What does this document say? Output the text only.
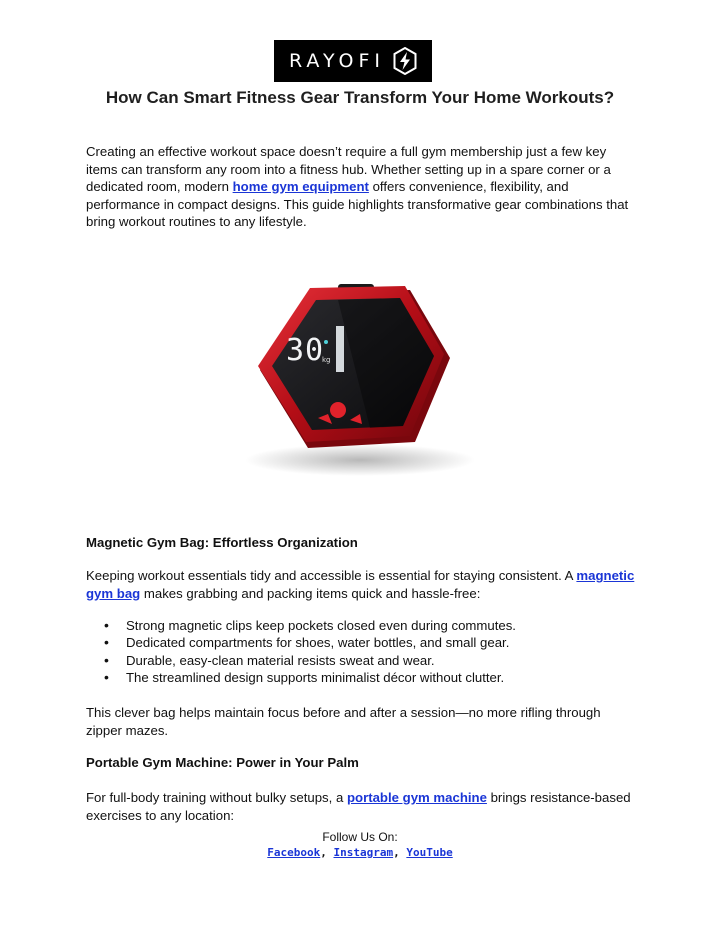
RAYOFI
How Can Smart Fitness Gear Transform Your Home Workouts?

Creating an effective workout space doesn’t require a full gym membership just a few key items can transform any room into a fitness hub. Whether setting up in a spare corner or a dedicated room, modern home gym equipment offers convenience, flexibility, and performance in compact designs. This guide highlights transformative gear combinations that bring workout routines to any lifestyle.

30
kg
Magnetic Gym Bag: Effortless Organization

Keeping workout essentials tidy and accessible is essential for staying consistent. A magnetic gym bag makes grabbing and packing items quick and hassle-free:

• Strong magnetic clips keep pockets closed even during commutes.
• Dedicated compartments for shoes, water bottles, and small gear.
• Durable, easy-clean material resists sweat and wear.
• The streamlined design supports minimalist décor without clutter.

This clever bag helps maintain focus before and after a session—no more rifling through zipper mazes.

Portable Gym Machine: Power in Your Palm

For full-body training without bulky setups, a portable gym machine brings resistance-based exercises to any location:

Follow Us On:
Facebook, Instagram, YouTube
